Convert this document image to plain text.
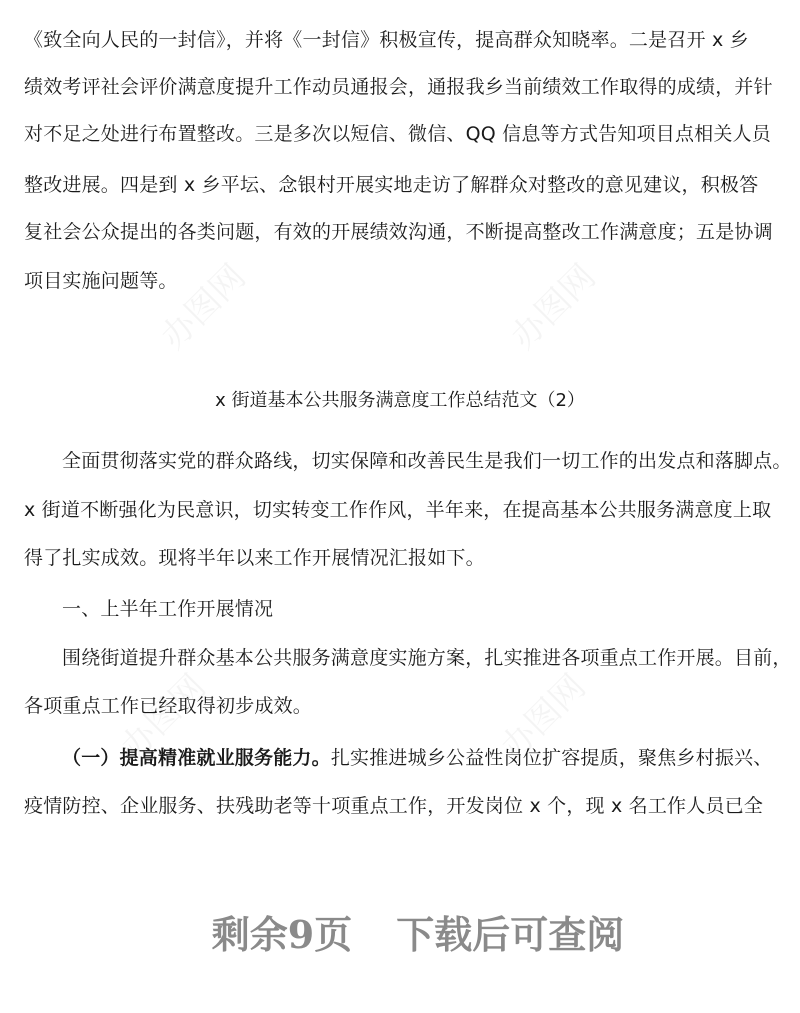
《致全向人民的一封信》，并将《一封信》积极宣传，提高群众知晓率。二是召开 x 乡
绩效考评社会评价满意度提升工作动员通报会，通报我乡当前绩效工作取得的成绩，并针
对不足之处进行布置整改。三是多次以短信、微信、QQ 信息等方式告知项目点相关人员
整改进展。四是到 x 乡平坛、念银村开展实地走访了解群众对整改的意见建议，积极答
复社会公众提出的各类问题，有效的开展绩效沟通，不断提高整改工作满意度；五是协调
项目实施问题等。
x 街道基本公共服务满意度工作总结范文（2）
全面贯彻落实党的群众路线，切实保障和改善民生是我们一切工作的出发点和落脚点。
x 街道不断强化为民意识，切实转变工作作风，半年来，在提高基本公共服务满意度上取
得了扎实成效。现将半年以来工作开展情况汇报如下。
一、上半年工作开展情况
围绕街道提升群众基本公共服务满意度实施方案，扎实推进各项重点工作开展。目前，
各项重点工作已经取得初步成效。
（一）提高精准就业服务能力。扎实推进城乡公益性岗位扩容提质，聚焦乡村振兴、
疫情防控、企业服务、扶残助老等十项重点工作，开发岗位 x 个，现 x 名工作人员已全
剩余9页 下载后可查阅
